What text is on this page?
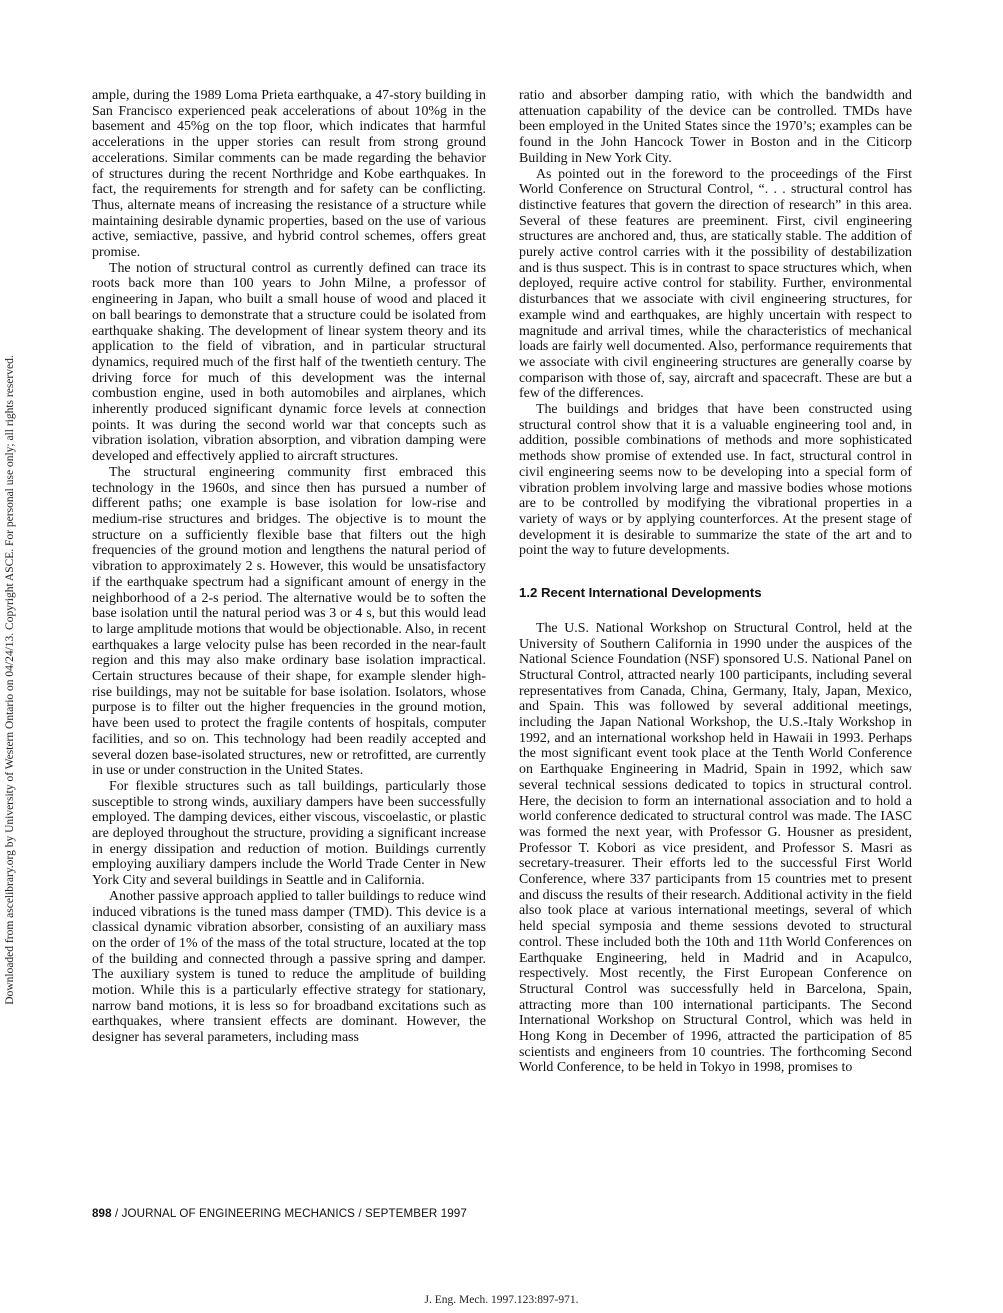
Downloaded from ascelibrary.org by University of Western Ontario on 04/24/13. Copyright ASCE. For personal use only; all rights reserved.

ample, during the 1989 Loma Prieta earthquake, a 47-story building in San Francisco experienced peak accelerations of about 10%g in the basement and 45%g on the top floor, which indicates that harmful accelerations in the upper stories can result from strong ground accelerations. Similar comments can be made regarding the behavior of structures during the recent Northridge and Kobe earthquakes. In fact, the requirements for strength and for safety can be conflicting. Thus, alternate means of increasing the resistance of a structure while maintaining desirable dynamic properties, based on the use of various active, semiactive, passive, and hybrid control schemes, offers great promise.

The notion of structural control as currently defined can trace its roots back more than 100 years to John Milne, a professor of engineering in Japan, who built a small house of wood and placed it on ball bearings to demonstrate that a structure could be isolated from earthquake shaking. The development of linear system theory and its application to the field of vibration, and in particular structural dynamics, required much of the first half of the twentieth century. The driving force for much of this development was the internal combustion engine, used in both automobiles and airplanes, which inherently produced significant dynamic force levels at connection points. It was during the second world war that concepts such as vibration isolation, vibration absorption, and vibration damping were developed and effectively applied to aircraft structures.

The structural engineering community first embraced this technology in the 1960s, and since then has pursued a number of different paths; one example is base isolation for low-rise and medium-rise structures and bridges. The objective is to mount the structure on a sufficiently flexible base that filters out the high frequencies of the ground motion and lengthens the natural period of vibration to approximately 2 s. However, this would be unsatisfactory if the earthquake spectrum had a significant amount of energy in the neighborhood of a 2-s period. The alternative would be to soften the base isolation until the natural period was 3 or 4 s, but this would lead to large amplitude motions that would be objectionable. Also, in recent earthquakes a large velocity pulse has been recorded in the near-fault region and this may also make ordinary base isolation impractical. Certain structures because of their shape, for example slender high-rise buildings, may not be suitable for base isolation. Isolators, whose purpose is to filter out the higher frequencies in the ground motion, have been used to protect the fragile contents of hospitals, computer facilities, and so on. This technology had been readily accepted and several dozen base-isolated structures, new or retrofitted, are currently in use or under construction in the United States.

For flexible structures such as tall buildings, particularly those susceptible to strong winds, auxiliary dampers have been successfully employed. The damping devices, either viscous, viscoelastic, or plastic are deployed throughout the structure, providing a significant increase in energy dissipation and reduction of motion. Buildings currently employing auxiliary dampers include the World Trade Center in New York City and several buildings in Seattle and in California.

Another passive approach applied to taller buildings to reduce wind induced vibrations is the tuned mass damper (TMD). This device is a classical dynamic vibration absorber, consisting of an auxiliary mass on the order of 1% of the mass of the total structure, located at the top of the building and connected through a passive spring and damper. The auxiliary system is tuned to reduce the amplitude of building motion. While this is a particularly effective strategy for stationary, narrow band motions, it is less so for broadband excitations such as earthquakes, where transient effects are dominant. However, the designer has several parameters, including mass

ratio and absorber damping ratio, with which the bandwidth and attenuation capability of the device can be controlled. TMDs have been employed in the United States since the 1970’s; examples can be found in the John Hancock Tower in Boston and in the Citicorp Building in New York City.

As pointed out in the foreword to the proceedings of the First World Conference on Structural Control, “. . . structural control has distinctive features that govern the direction of research” in this area. Several of these features are preeminent. First, civil engineering structures are anchored and, thus, are statically stable. The addition of purely active control carries with it the possibility of destabilization and is thus suspect. This is in contrast to space structures which, when deployed, require active control for stability. Further, environmental disturbances that we associate with civil engineering structures, for example wind and earthquakes, are highly uncertain with respect to magnitude and arrival times, while the characteristics of mechanical loads are fairly well documented. Also, performance requirements that we associate with civil engineering structures are generally coarse by comparison with those of, say, aircraft and spacecraft. These are but a few of the differences.

The buildings and bridges that have been constructed using structural control show that it is a valuable engineering tool and, in addition, possible combinations of methods and more sophisticated methods show promise of extended use. In fact, structural control in civil engineering seems now to be developing into a special form of vibration problem involving large and massive bodies whose motions are to be controlled by modifying the vibrational properties in a variety of ways or by applying counterforces. At the present stage of development it is desirable to summarize the state of the art and to point the way to future developments.

1.2 Recent International Developments

The U.S. National Workshop on Structural Control, held at the University of Southern California in 1990 under the auspices of the National Science Foundation (NSF) sponsored U.S. National Panel on Structural Control, attracted nearly 100 participants, including several representatives from Canada, China, Germany, Italy, Japan, Mexico, and Spain. This was followed by several additional meetings, including the Japan National Workshop, the U.S.-Italy Workshop in 1992, and an international workshop held in Hawaii in 1993. Perhaps the most significant event took place at the Tenth World Conference on Earthquake Engineering in Madrid, Spain in 1992, which saw several technical sessions dedicated to topics in structural control. Here, the decision to form an international association and to hold a world conference dedicated to structural control was made. The IASC was formed the next year, with Professor G. Housner as president, Professor T. Kobori as vice president, and Professor S. Masri as secretary-treasurer. Their efforts led to the successful First World Conference, where 337 participants from 15 countries met to present and discuss the results of their research. Additional activity in the field also took place at various international meetings, several of which held special symposia and theme sessions devoted to structural control. These included both the 10th and 11th World Conferences on Earthquake Engineering, held in Madrid and in Acapulco, respectively. Most recently, the First European Conference on Structural Control was successfully held in Barcelona, Spain, attracting more than 100 international participants. The Second International Workshop on Structural Control, which was held in Hong Kong in December of 1996, attracted the participation of 85 scientists and engineers from 10 countries. The forthcoming Second World Conference, to be held in Tokyo in 1998, promises to

898 / JOURNAL OF ENGINEERING MECHANICS / SEPTEMBER 1997
J. Eng. Mech. 1997.123:897-971.
